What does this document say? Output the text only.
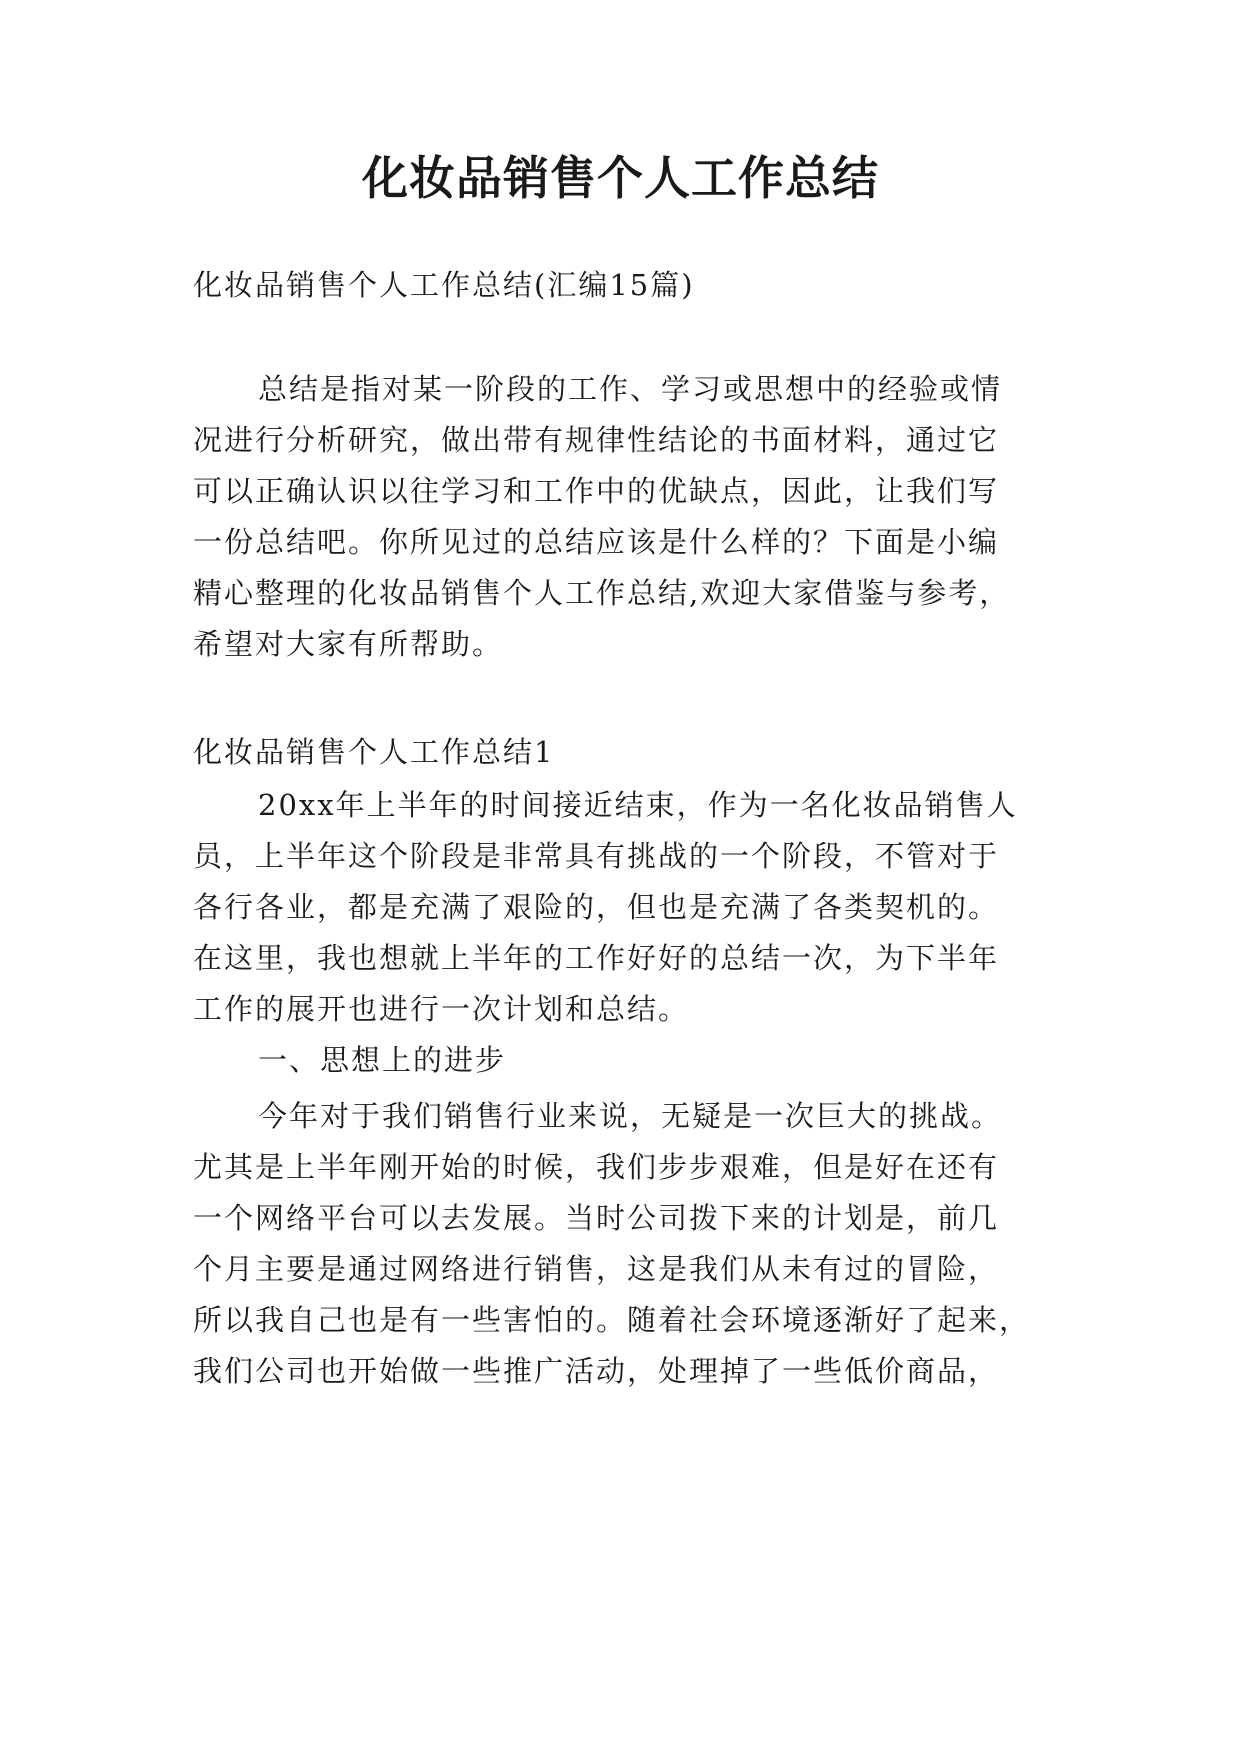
化妆品销售个人工作总结
化妆品销售个人工作总结(汇编15篇)
总结是指对某一阶段的工作、学习或思想中的经验或情
况进行分析研究，做出带有规律性结论的书面材料，通过它
可以正确认识以往学习和工作中的优缺点，因此，让我们写
一份总结吧。你所见过的总结应该是什么样的？下面是小编
精心整理的化妆品销售个人工作总结,欢迎大家借鉴与参考，
希望对大家有所帮助。
化妆品销售个人工作总结1
20xx年上半年的时间接近结束，作为一名化妆品销售人
员，上半年这个阶段是非常具有挑战的一个阶段，不管对于
各行各业，都是充满了艰险的，但也是充满了各类契机的。
在这里，我也想就上半年的工作好好的总结一次，为下半年
工作的展开也进行一次计划和总结。
一、思想上的进步
今年对于我们销售行业来说，无疑是一次巨大的挑战。
尤其是上半年刚开始的时候，我们步步艰难，但是好在还有
一个网络平台可以去发展。当时公司拨下来的计划是，前几
个月主要是通过网络进行销售，这是我们从未有过的冒险，
所以我自己也是有一些害怕的。随着社会环境逐渐好了起来，
我们公司也开始做一些推广活动，处理掉了一些低价商品，
